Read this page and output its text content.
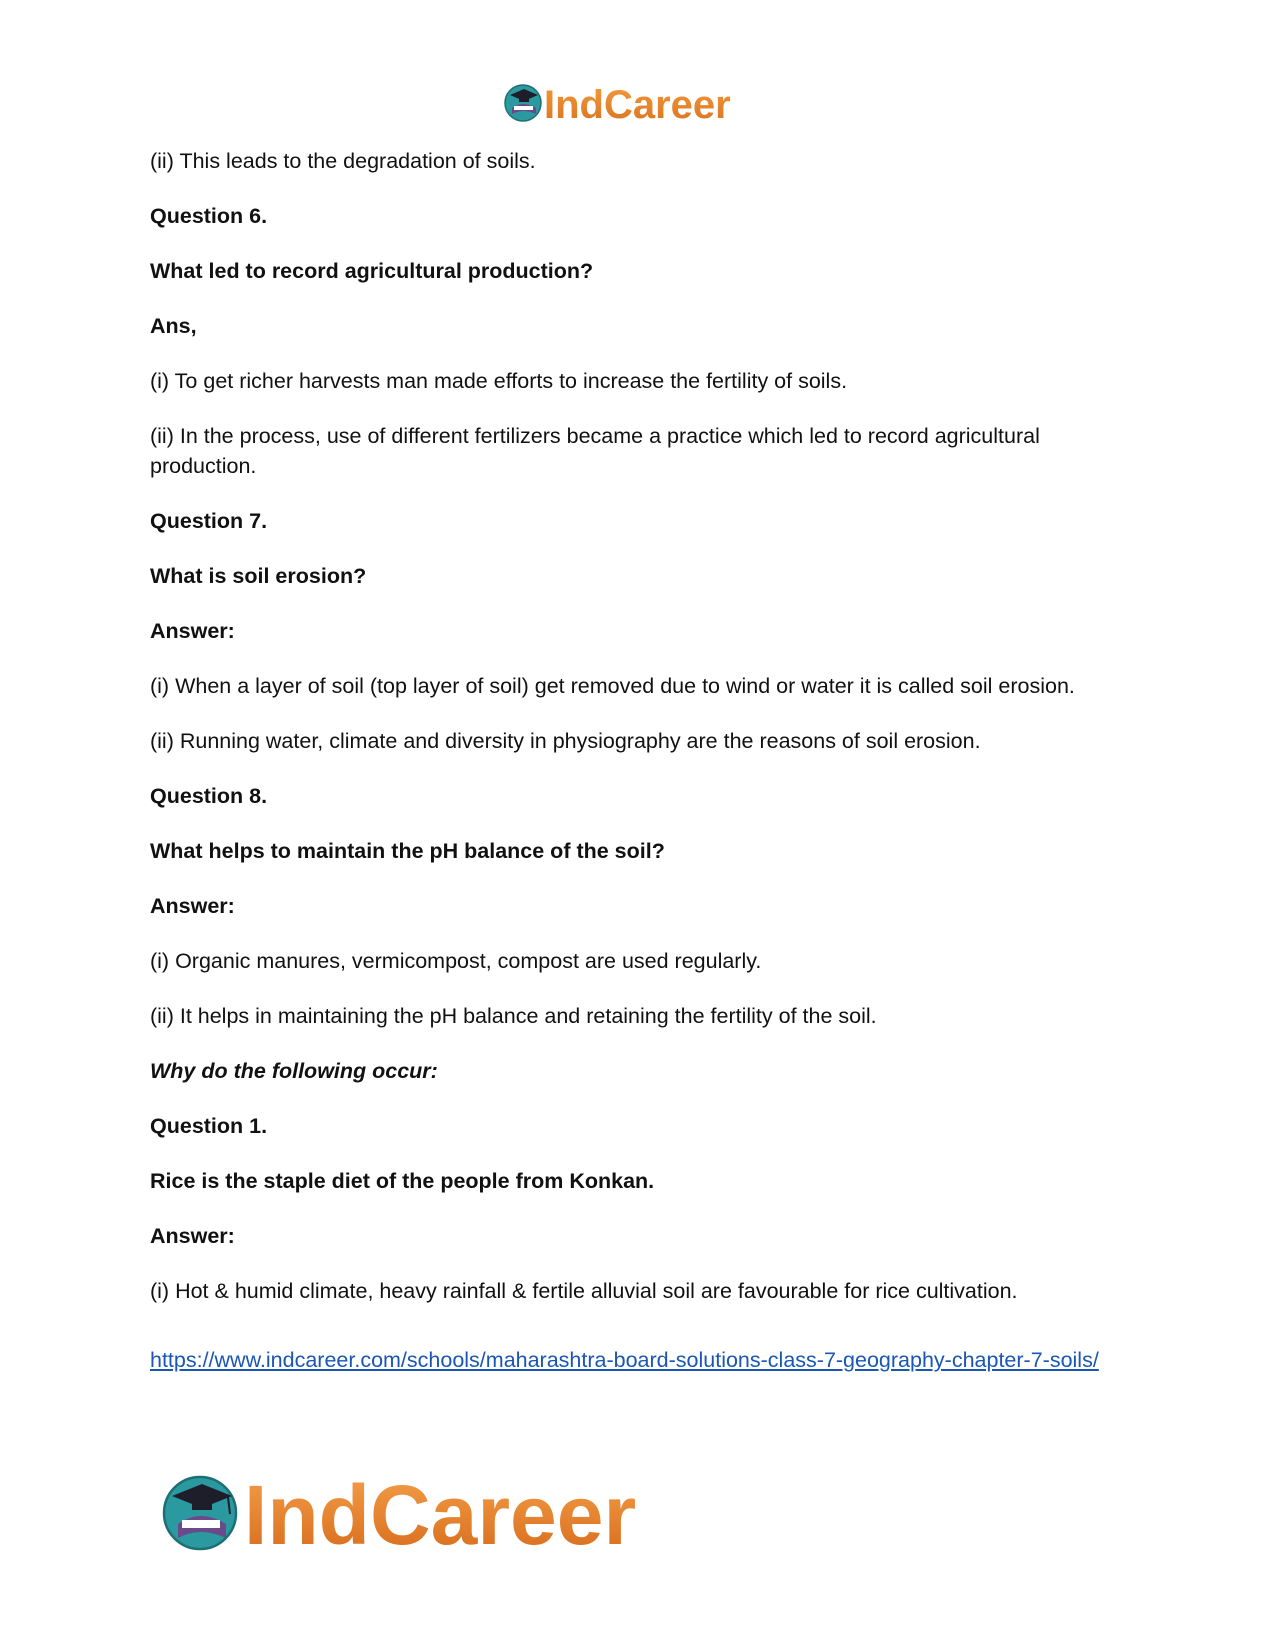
IndCareer

(ii) This leads to the degradation of soils.

Question 6.

What led to record agricultural production?

Ans,

(i) To get richer harvests man made efforts to increase the fertility of soils.

(ii) In the process, use of different fertilizers became a practice which led to record agricultural production.

Question 7.

What is soil erosion?

Answer:

(i) When a layer of soil (top layer of soil) get removed due to wind or water it is called soil erosion.

(ii) Running water, climate and diversity in physiography are the reasons of soil erosion.

Question 8.

What helps to maintain the pH balance of the soil?

Answer:

(i) Organic manures, vermicompost, compost are used regularly.

(ii) It helps in maintaining the pH balance and retaining the fertility of the soil.

Why do the following occur:

Question 1.

Rice is the staple diet of the people from Konkan.

Answer:

(i) Hot & humid climate, heavy rainfall & fertile alluvial soil are favourable for rice cultivation.

https://www.indcareer.com/schools/maharashtra-board-solutions-class-7-geography-chapter-7-soils/
IndCareer
